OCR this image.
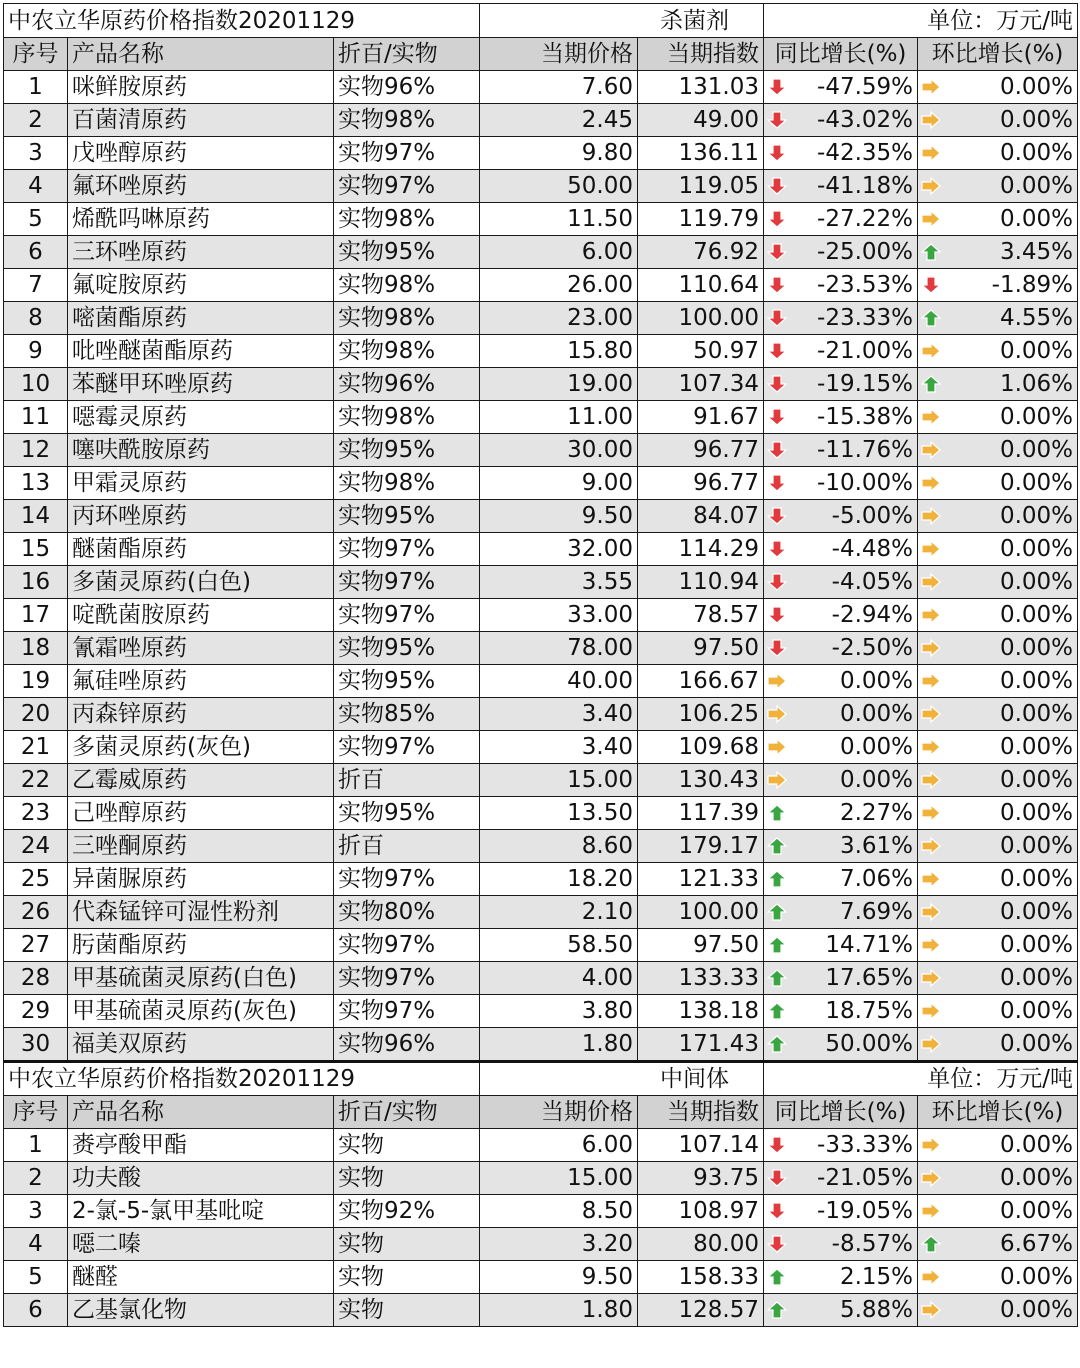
中农立华原药价格指数20201129			杀菌剂		单位：万元/吨	
序号	产品名称	折百/实物	当期价格	当期指数	同比增长(%)	环比增长(%)
1	咪鲜胺原药	实物96%	7.60	131.03	-47.59%	0.00%
2	百菌清原药	实物98%	2.45	49.00	-43.02%	0.00%
3	戊唑醇原药	实物97%	9.80	136.11	-42.35%	0.00%
4	氟环唑原药	实物97%	50.00	119.05	-41.18%	0.00%
5	烯酰吗啉原药	实物98%	11.50	119.79	-27.22%	0.00%
6	三环唑原药	实物95%	6.00	76.92	-25.00%	3.45%
7	氟啶胺原药	实物98%	26.00	110.64	-23.53%	-1.89%
8	嘧菌酯原药	实物98%	23.00	100.00	-23.33%	4.55%
9	吡唑醚菌酯原药	实物98%	15.80	50.97	-21.00%	0.00%
10	苯醚甲环唑原药	实物96%	19.00	107.34	-19.15%	1.06%
11	噁霉灵原药	实物98%	11.00	91.67	-15.38%	0.00%
12	噻呋酰胺原药	实物95%	30.00	96.77	-11.76%	0.00%
13	甲霜灵原药	实物98%	9.00	96.77	-10.00%	0.00%
14	丙环唑原药	实物95%	9.50	84.07	-5.00%	0.00%
15	醚菌酯原药	实物97%	32.00	114.29	-4.48%	0.00%
16	多菌灵原药(白色)	实物97%	3.55	110.94	-4.05%	0.00%
17	啶酰菌胺原药	实物97%	33.00	78.57	-2.94%	0.00%
18	氰霜唑原药	实物95%	78.00	97.50	-2.50%	0.00%
19	氟硅唑原药	实物95%	40.00	166.67	0.00%	0.00%
20	丙森锌原药	实物85%	3.40	106.25	0.00%	0.00%
21	多菌灵原药(灰色)	实物97%	3.40	109.68	0.00%	0.00%
22	乙霉威原药	折百	15.00	130.43	0.00%	0.00%
23	己唑醇原药	实物95%	13.50	117.39	2.27%	0.00%
24	三唑酮原药	折百	8.60	179.17	3.61%	0.00%
25	异菌脲原药	实物97%	18.20	121.33	7.06%	0.00%
26	代森锰锌可湿性粉剂	实物80%	2.10	100.00	7.69%	0.00%
27	肟菌酯原药	实物97%	58.50	97.50	14.71%	0.00%
28	甲基硫菌灵原药(白色)	实物97%	4.00	133.33	17.65%	0.00%
29	甲基硫菌灵原药(灰色)	实物97%	3.80	138.18	18.75%	0.00%
30	福美双原药	实物96%	1.80	171.43	50.00%	0.00%
中农立华原药价格指数20201129			中间体		单位：万元/吨	
序号	产品名称	折百/实物	当期价格	当期指数	同比增长(%)	环比增长(%)
1	赉亭酸甲酯	实物	6.00	107.14	-33.33%	0.00%
2	功夫酸	实物	15.00	93.75	-21.05%	0.00%
3	2-氯-5-氯甲基吡啶	实物92%	8.50	108.97	-19.05%	0.00%
4	噁二嗪	实物	3.20	80.00	-8.57%	6.67%
5	醚醛	实物	9.50	158.33	2.15%	0.00%
6	乙基氯化物	实物	1.80	128.57	5.88%	0.00%
